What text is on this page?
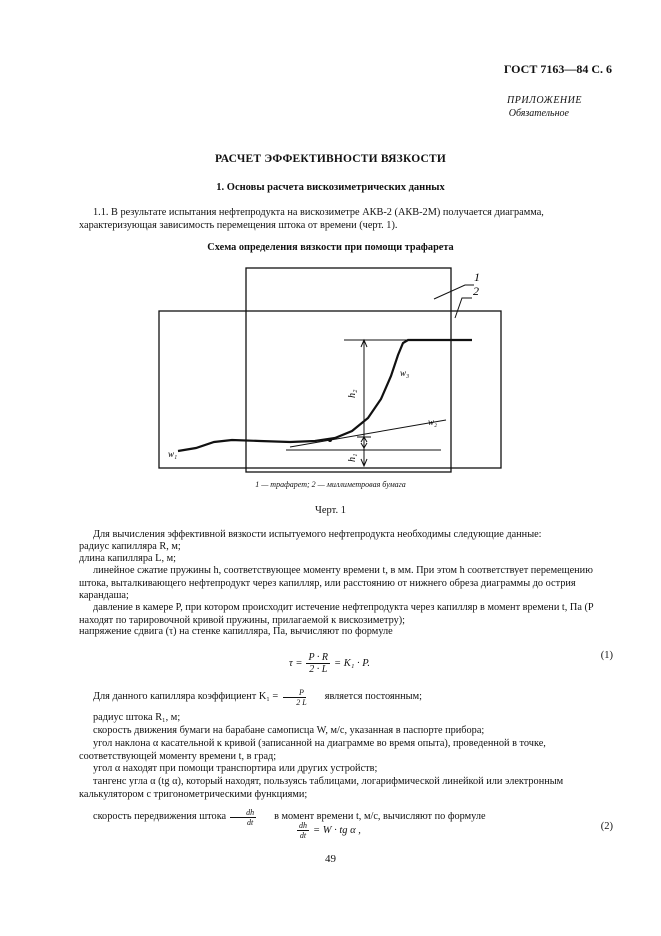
ГОСТ 7163—84 С. 6
ПРИЛОЖЕНИЕ
Обязательное
РАСЧЕТ ЭФФЕКТИВНОСТИ ВЯЗКОСТИ
1. Основы расчета вискозиметрических данных
1.1. В результате испытания нефтепродукта на вискозиметре АКВ-2 (АКВ-2М) получается диаграмма, характеризующая зависимость перемещения штока от времени (черт. 1).
Схема определения вязкости при помощи трафарета
1
2
h₂
h₁
w₁
w₂
w₃
1 — трафарет; 2 — миллиметровая бумага
Черт. 1
Для вычисления эффективной вязкости испытуемого нефтепродукта необходимы следующие данные:
радиус капилляра R, м;
длина капилляра L, м;
линейное сжатие пружины h, соответствующее моменту времени t, в мм. При этом h соответствует перемещению штока, выталкивающего нефтепродукт через капилляр, или расстоянию от нижнего обреза диаграммы до острия карандаша;
давление в камере P, при котором происходит истечение нефтепродукта через капилляр в момент времени t, Па (P находят по тарировочной кривой пружины, прилагаемой к вискозиметру);
напряжение сдвига (τ) на стенке капилляра, Па, вычисляют по формуле
$\tau = \frac{P \cdot R}{2 \cdot L} = K_1 \cdot P$.
(1)
Для данного капилляра коэффициент $K_1 = \frac{P}{2 L}$	является постоянным;
радиус штока R₁, м;
скорость движения бумаги на барабане самописца W, м/с, указанная в паспорте прибора;
угол наклона α касательной к кривой (записанной на диаграмме во время опыта), проведенной в точке, соответствующей моменту времени t, в град;
угол α находят при помощи транспортира или других устройств;
тангенс угла α (tg α), который находят, пользуясь таблицами, логарифмической линейкой или электронным калькулятором с тригонометрическими функциями;
скорость передвижения штока $\frac{dh}{dt}$	в момент времени t, м/с, вычисляют по формуле
$\frac{dh}{dt} = W$ · tg α ,	(2)
49
